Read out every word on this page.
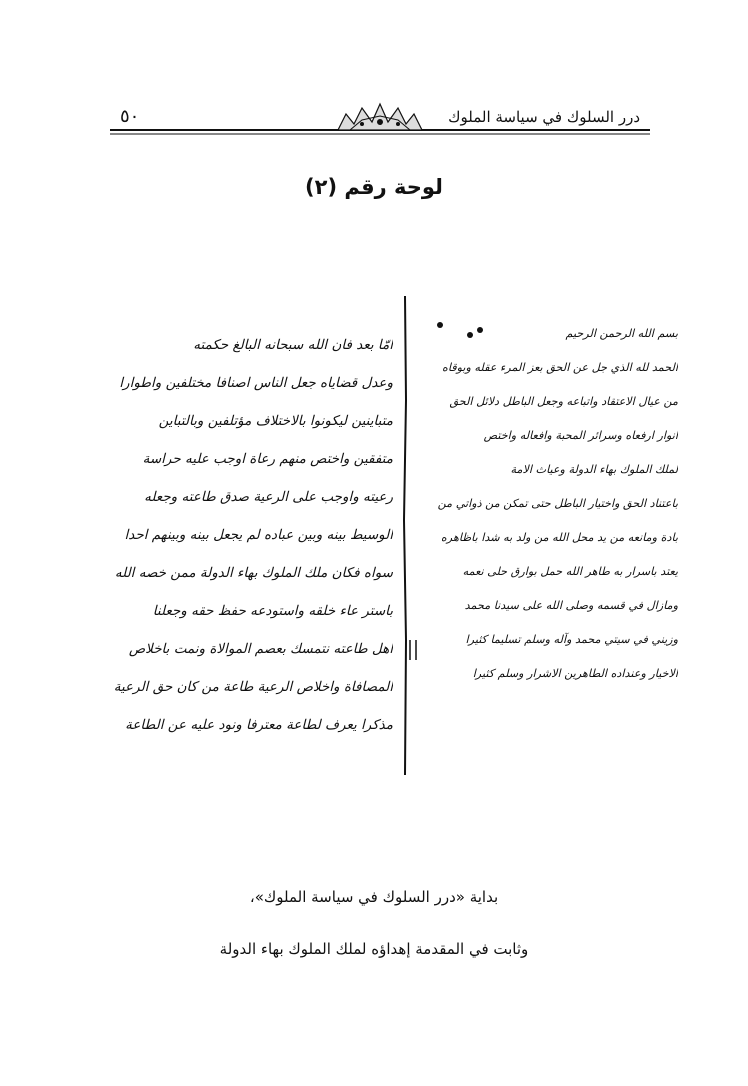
٥٠	درر السلوك في سياسة الملوك
لوحة رقم (٢)
امّا بعد فان الله سبحانه البالغ حكمته
وعدل قضاياه جعل الناس اصنافا مختلفين واطوارا
متباينين ليكونوا بالاختلاف مؤتلفين وبالتباين
متفقين واختص منهم رعاة اوجب عليه حراسة
رعيته واوجب على الرعية صدق طاعته وجعله
الوسيط بينه وبين عباده لم يجعل بينه وبينهم احدا
سواه فكان ملك الملوك بهاء الدولة ممن خصه الله
باستر عاء خلقه واستودعه حفظ حقه وجعلنا
اهل طاعته نتمسك بعصم الموالاة ونمت باخلاص
المصافاة واخلاص الرعية طاعة من كان حق الرعية
مذكرا يعرف لطاعة معترفا ونود عليه عن الطاعة
بسم الله الرحمن الرحيم
الحمد لله الذي جل عن الحق بعز المرء عقله وبوقاه
من عيال الاعتقاد واتباعه وجعل الباطل دلائل الحق
انوار ارفعاه وسرائر المحبة وافعاله واختص
لملك الملوك بهاء الدولة وعياث الامة
باعتناد الحق واختيار الباطل حتى تمكن من ذواتي من
بادة ومانعه من يد محل الله من ولد به شدا باظاهره
يعتد باسرار به طاهر الله حمل بوارق حلى نعمه
ومازال في قسمه وصلى الله على سيدنا محمد
وزيني في سيتي محمد وآله وسلم تسليما كثيرا
الاخيار وعنداده الطاهرين الاشرار وسلم كثيرا
بداية «درر السلوك في سياسة الملوك»،
وثابت في المقدمة إهداؤه لملك الملوك بهاء الدولة
